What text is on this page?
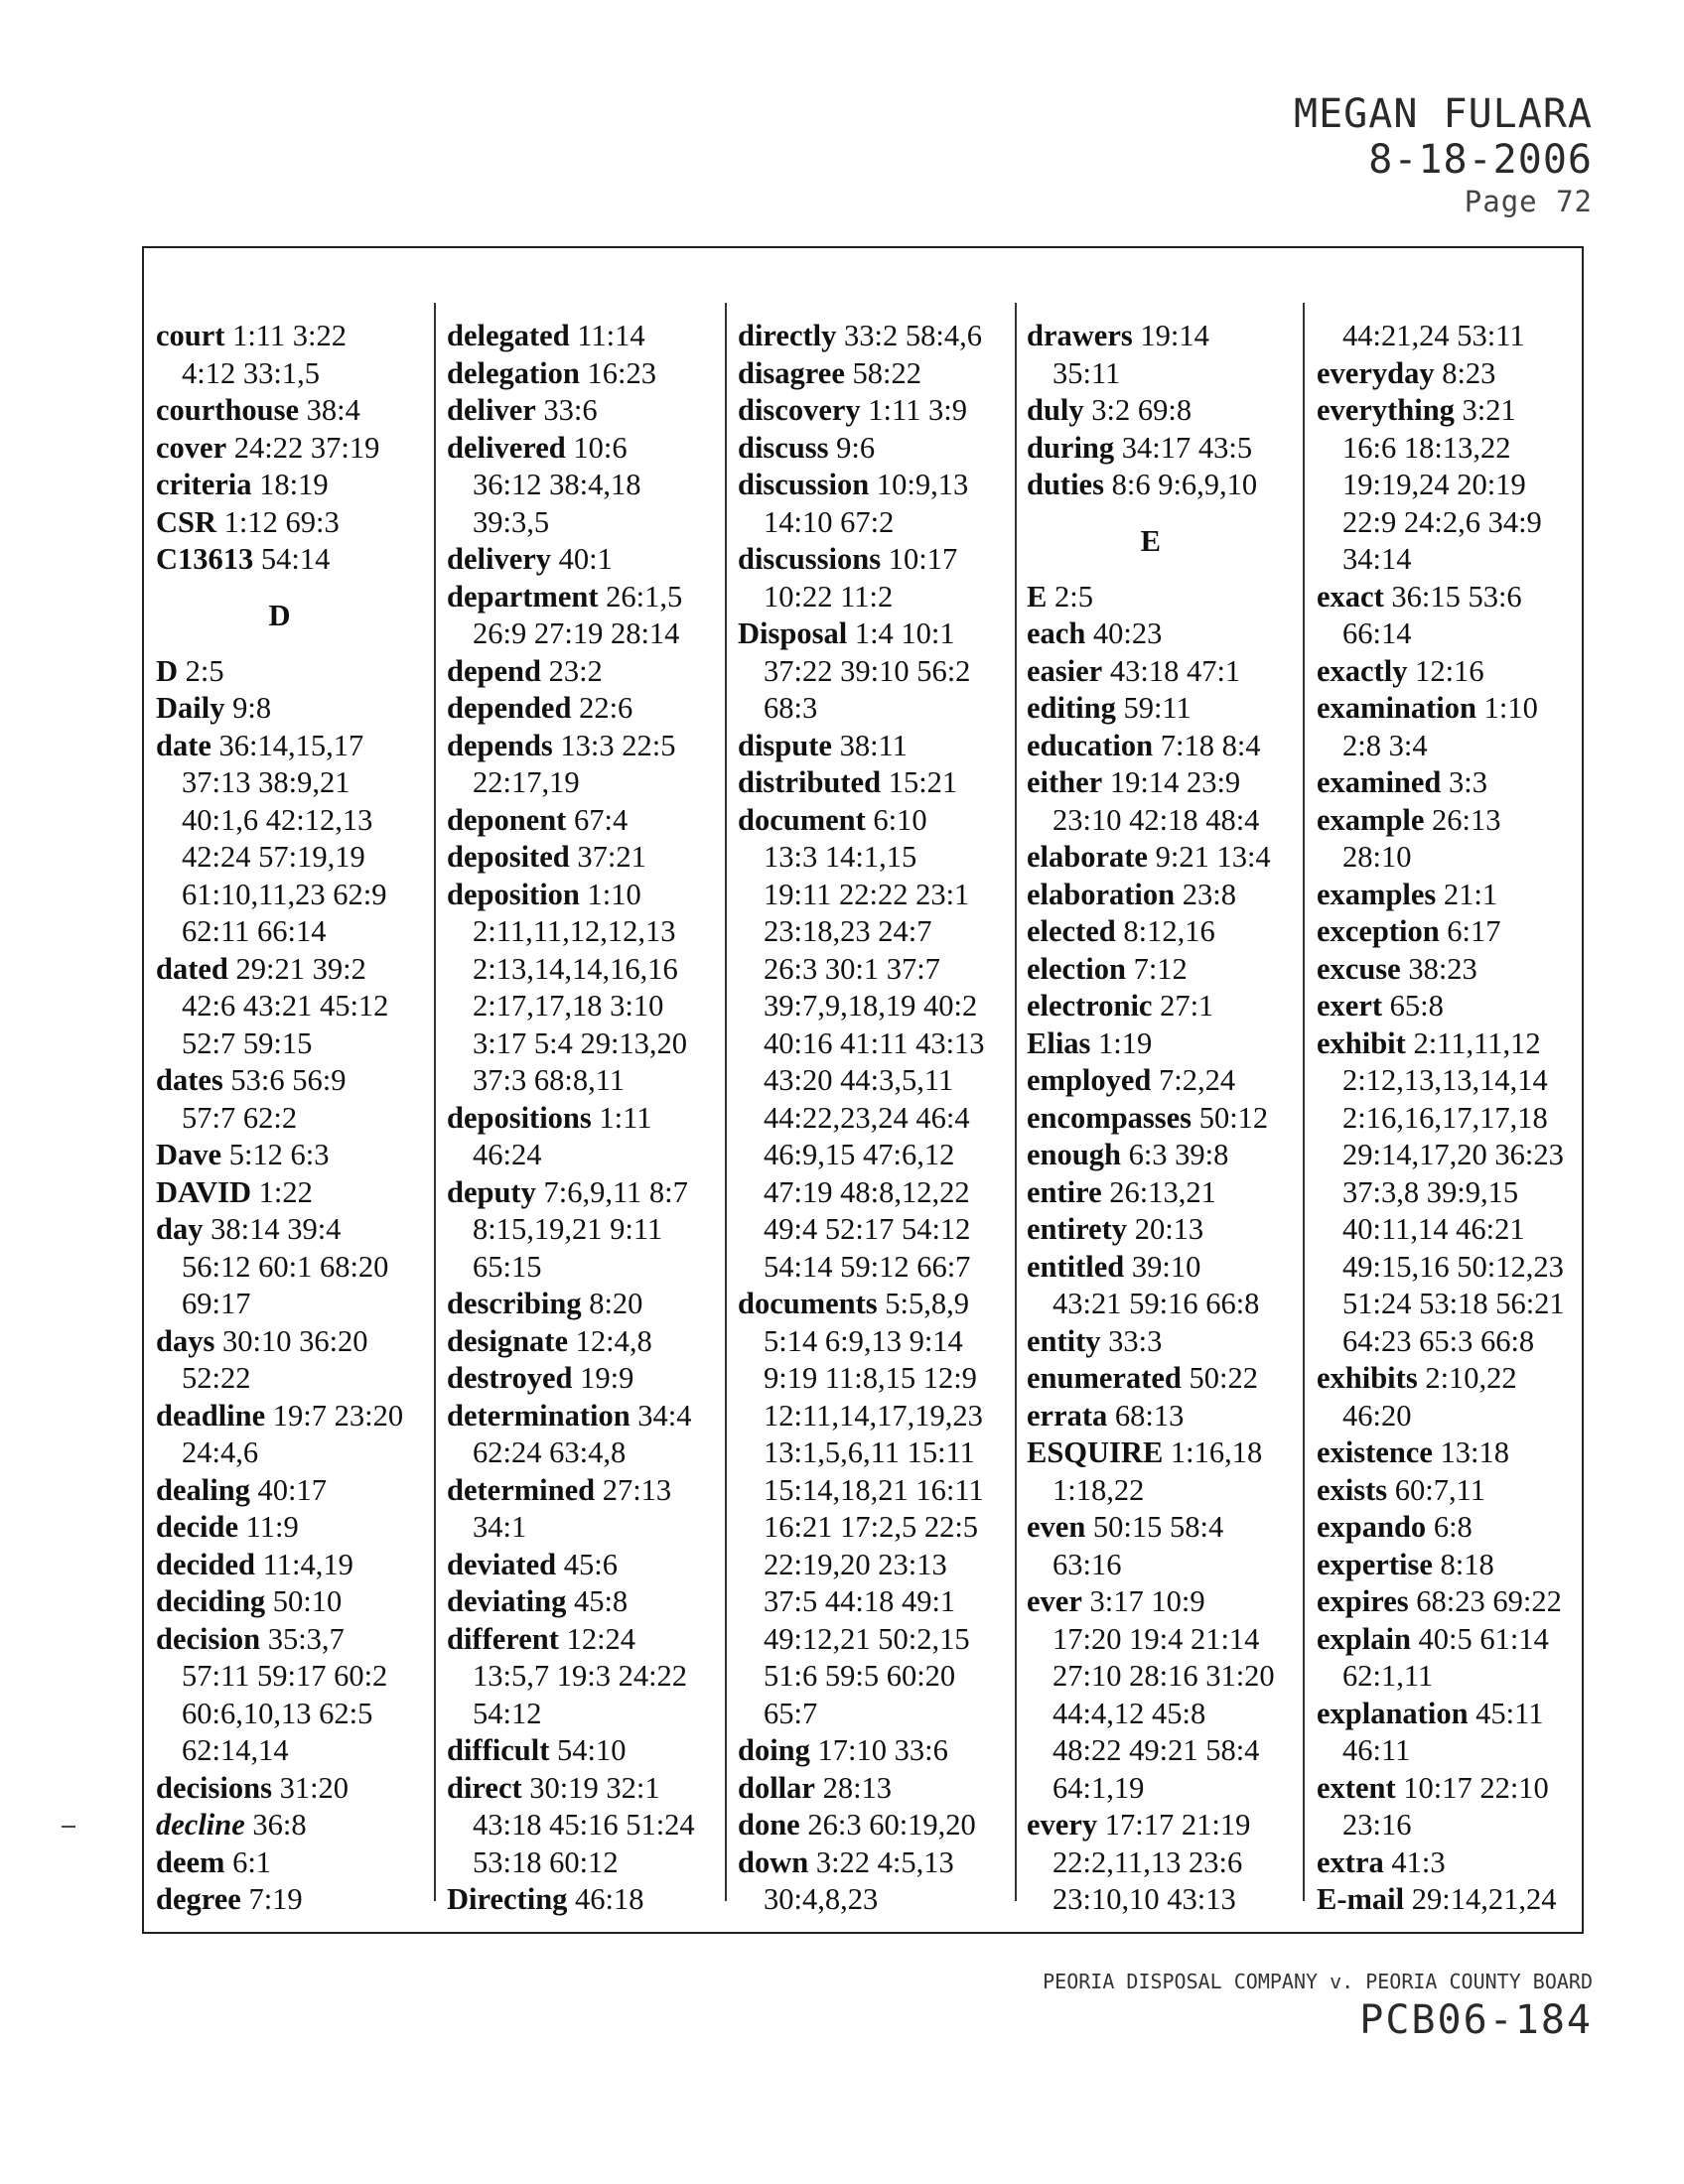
MEGAN FULARA
8-18-2006
Page 72
court 1:11 3:22
4:12 33:1,5
courthouse 38:4
cover 24:22 37:19
criteria 18:19
CSR 1:12 69:3
C13613 54:14
D
D 2:5
Daily 9:8
date 36:14,15,17
37:13 38:9,21
40:1,6 42:12,13
42:24 57:19,19
61:10,11,23 62:9
62:11 66:14
dated 29:21 39:2
42:6 43:21 45:12
52:7 59:15
dates 53:6 56:9
57:7 62:2
Dave 5:12 6:3
DAVID 1:22
day 38:14 39:4
56:12 60:1 68:20
69:17
days 30:10 36:20
52:22
deadline 19:7 23:20
24:4,6
dealing 40:17
decide 11:9
decided 11:4,19
deciding 50:10
decision 35:3,7
57:11 59:17 60:2
60:6,10,13 62:5
62:14,14
decisions 31:20
decline 36:8
deem 6:1
degree 7:19
delegated 11:14
delegation 16:23
deliver 33:6
delivered 10:6
36:12 38:4,18
39:3,5
delivery 40:1
department 26:1,5
26:9 27:19 28:14
depend 23:2
depended 22:6
depends 13:3 22:5
22:17,19
deponent 67:4
deposited 37:21
deposition 1:10
2:11,11,12,12,13
2:13,14,14,16,16
2:17,17,18 3:10
3:17 5:4 29:13,20
37:3 68:8,11
depositions 1:11
46:24
deputy 7:6,9,11 8:7
8:15,19,21 9:11
65:15
describing 8:20
designate 12:4,8
destroyed 19:9
determination 34:4
62:24 63:4,8
determined 27:13
34:1
deviated 45:6
deviating 45:8
different 12:24
13:5,7 19:3 24:22
54:12
difficult 54:10
direct 30:19 32:1
43:18 45:16 51:24
53:18 60:12
Directing 46:18
directly 33:2 58:4,6
disagree 58:22
discovery 1:11 3:9
discuss 9:6
discussion 10:9,13
14:10 67:2
discussions 10:17
10:22 11:2
Disposal 1:4 10:1
37:22 39:10 56:2
68:3
dispute 38:11
distributed 15:21
document 6:10
13:3 14:1,15
19:11 22:22 23:1
23:18,23 24:7
26:3 30:1 37:7
39:7,9,18,19 40:2
40:16 41:11 43:13
43:20 44:3,5,11
44:22,23,24 46:4
46:9,15 47:6,12
47:19 48:8,12,22
49:4 52:17 54:12
54:14 59:12 66:7
documents 5:5,8,9
5:14 6:9,13 9:14
9:19 11:8,15 12:9
12:11,14,17,19,23
13:1,5,6,11 15:11
15:14,18,21 16:11
16:21 17:2,5 22:5
22:19,20 23:13
37:5 44:18 49:1
49:12,21 50:2,15
51:6 59:5 60:20
65:7
doing 17:10 33:6
dollar 28:13
done 26:3 60:19,20
down 3:22 4:5,13
30:4,8,23
drawers 19:14
35:11
duly 3:2 69:8
during 34:17 43:5
duties 8:6 9:6,9,10
E
E 2:5
each 40:23
easier 43:18 47:1
editing 59:11
education 7:18 8:4
either 19:14 23:9
23:10 42:18 48:4
elaborate 9:21 13:4
elaboration 23:8
elected 8:12,16
election 7:12
electronic 27:1
Elias 1:19
employed 7:2,24
encompasses 50:12
enough 6:3 39:8
entire 26:13,21
entirety 20:13
entitled 39:10
43:21 59:16 66:8
entity 33:3
enumerated 50:22
errata 68:13
ESQUIRE 1:16,18
1:18,22
even 50:15 58:4
63:16
ever 3:17 10:9
17:20 19:4 21:14
27:10 28:16 31:20
44:4,12 45:8
48:22 49:21 58:4
64:1,19
every 17:17 21:19
22:2,11,13 23:6
23:10,10 43:13
44:21,24 53:11
everyday 8:23
everything 3:21
16:6 18:13,22
19:19,24 20:19
22:9 24:2,6 34:9
34:14
exact 36:15 53:6
66:14
exactly 12:16
examination 1:10
2:8 3:4
examined 3:3
example 26:13
28:10
examples 21:1
exception 6:17
excuse 38:23
exert 65:8
exhibit 2:11,11,12
2:12,13,13,14,14
2:16,16,17,17,18
29:14,17,20 36:23
37:3,8 39:9,15
40:11,14 46:21
49:15,16 50:12,23
51:24 53:18 56:21
64:23 65:3 66:8
exhibits 2:10,22
46:20
existence 13:18
exists 60:7,11
expando 6:8
expertise 8:18
expires 68:23 69:22
explain 40:5 61:14
62:1,11
explanation 45:11
46:11
extent 10:17 22:10
23:16
extra 41:3
E-mail 29:14,21,24
PEORIA DISPOSAL COMPANY v. PEORIA COUNTY BOARD
PCB06-184
